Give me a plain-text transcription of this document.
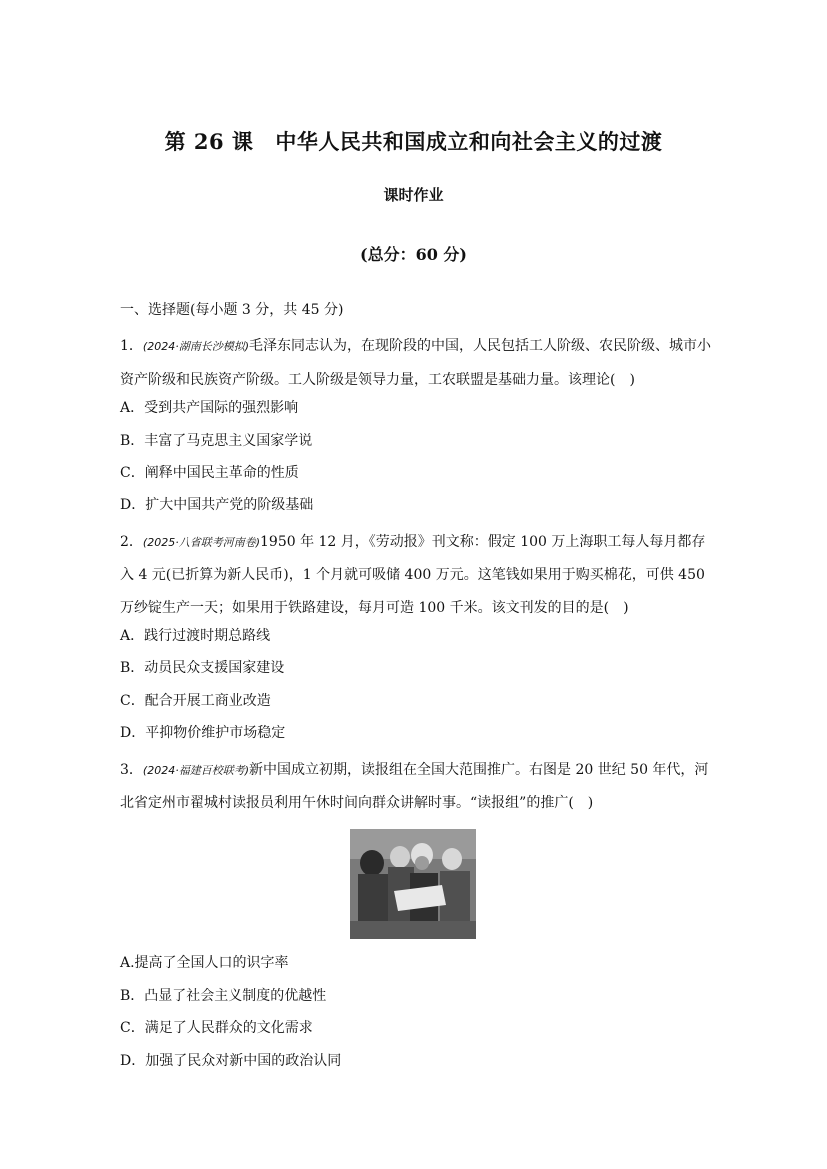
第 26 课 中华人民共和国成立和向社会主义的过渡
课时作业
(总分：60 分)
一、选择题(每小题 3 分，共 45 分)
1．(2024·湖南长沙模拟)毛泽东同志认为，在现阶段的中国，人民包括工人阶级、农民阶级、城市小资产阶级和民族资产阶级。工人阶级是领导力量，工农联盟是基础力量。该理论(　)
A．受到共产国际的强烈影响
B．丰富了马克思主义国家学说
C．阐释中国民主革命的性质
D．扩大中国共产党的阶级基础
2．(2025·八省联考河南卷)1950 年 12 月，《劳动报》刊文称：假定 100 万上海职工每人每月都存入 4 元(已折算为新人民币)，1 个月就可吸储 400 万元。这笔钱如果用于购买棉花，可供 450 万纱锭生产一天；如果用于铁路建设，每月可造 100 千米。该文刊发的目的是(　)
A．践行过渡时期总路线
B．动员民众支援国家建设
C．配合开展工商业改造
D．平抑物价维护市场稳定
3．(2024·福建百校联考)新中国成立初期，读报组在全国大范围推广。右图是 20 世纪 50 年代，河北省定州市翟城村读报员利用午休时间向群众讲解时事。“读报组”的推广(　)
A.提高了全国人口的识字率
B．凸显了社会主义制度的优越性
C．满足了人民群众的文化需求
D．加强了民众对新中国的政治认同
